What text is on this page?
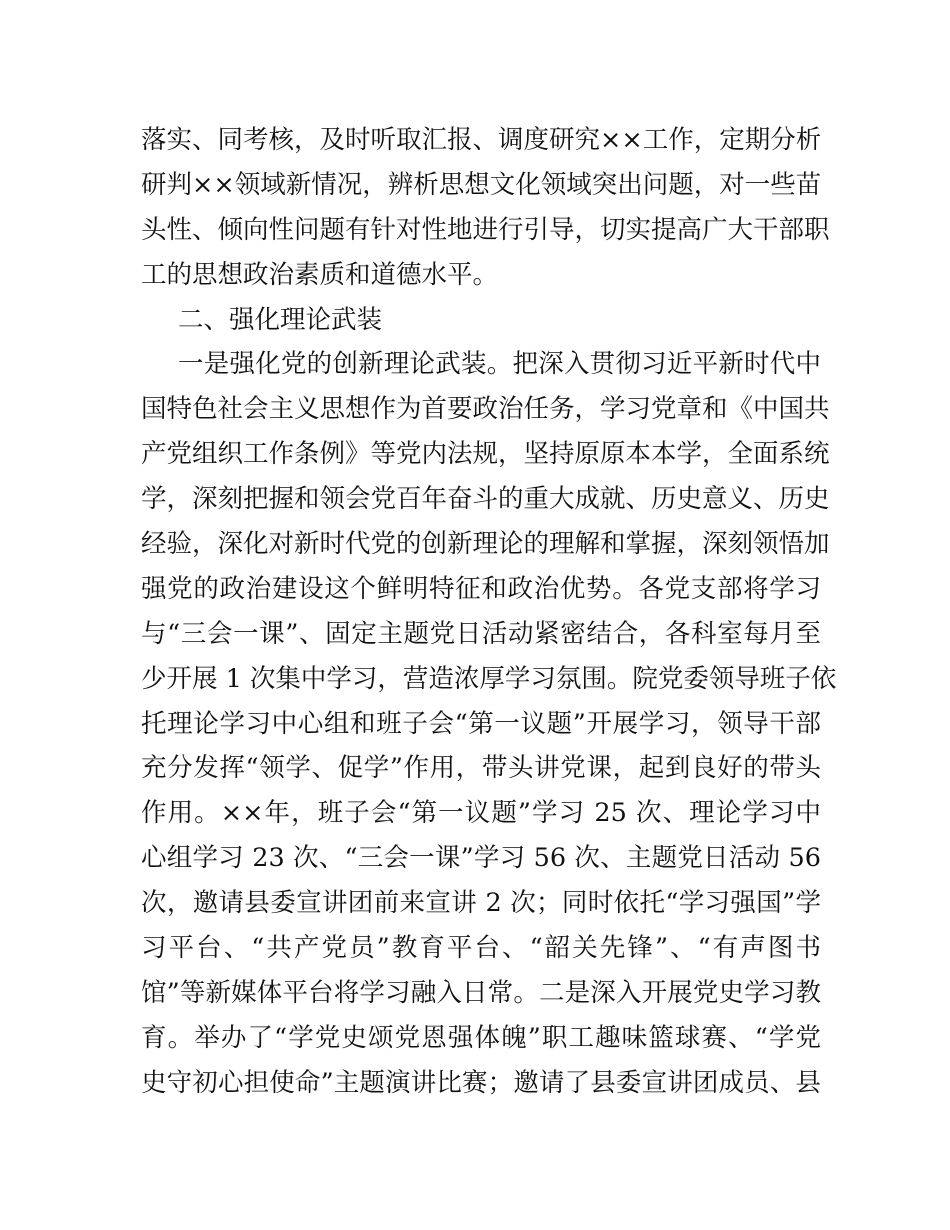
落实、同考核，及时听取汇报、调度研究××工作，定期分析
研判××领域新情况，辨析思想文化领域突出问题，对一些苗
头性、倾向性问题有针对性地进行引导，切实提高广大干部职
工的思想政治素质和道德水平。
二、强化理论武装
一是强化党的创新理论武装。把深入贯彻习近平新时代中
国特色社会主义思想作为首要政治任务，学习党章和《中国共
产党组织工作条例》等党内法规，坚持原原本本学，全面系统
学，深刻把握和领会党百年奋斗的重大成就、历史意义、历史
经验，深化对新时代党的创新理论的理解和掌握，深刻领悟加
强党的政治建设这个鲜明特征和政治优势。各党支部将学习
与“三会一课”、固定主题党日活动紧密结合，各科室每月至
少开展 1 次集中学习，营造浓厚学习氛围。院党委领导班子依
托理论学习中心组和班子会“第一议题”开展学习，领导干部
充分发挥“领学、促学”作用，带头讲党课，起到良好的带头
作用。××年，班子会“第一议题”学习 25 次、理论学习中
心组学习 23 次、“三会一课”学习 56 次、主题党日活动 56
次，邀请县委宣讲团前来宣讲 2 次；同时依托“学习强国”学
习平台、“共产党员”教育平台、“韶关先锋”、“有声图书
馆”等新媒体平台将学习融入日常。二是深入开展党史学习教
育。举办了“学党史颂党恩强体魄”职工趣味篮球赛、“学党
史守初心担使命”主题演讲比赛；邀请了县委宣讲团成员、县
